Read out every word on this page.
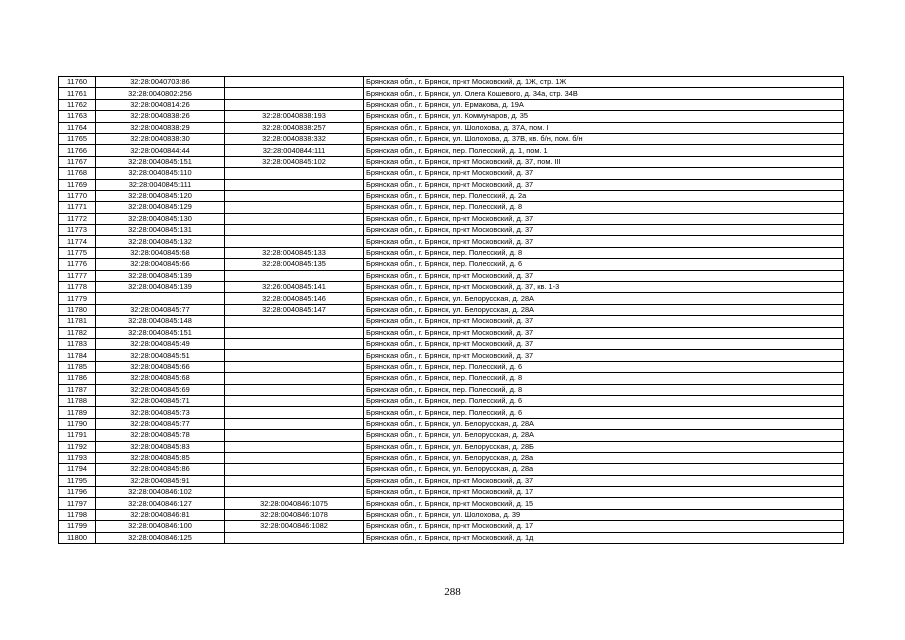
11760	32:28:0040703:86		Брянская обл., г. Брянск, пр-кт Московский, д. 1Ж, стр. 1Ж
11761	32:28:0040802:256		Брянская обл., г. Брянск, ул. Олега Кошевого, д. 34а, стр. 34В
11762	32:28:0040814:26		Брянская обл., г. Брянск, ул. Ермакова, д. 19А
11763	32:28:0040838:26	32:28:0040838:193	Брянская обл., г. Брянск, ул. Коммунаров, д. 35
11764	32:28:0040838:29	32:28:0040838:257	Брянская обл., г. Брянск, ул. Шолохова, д. 37А, пом. I
11765	32:28:0040838:30	32:28:0040838:332	Брянская обл., г. Брянск, ул. Шолохова, д. 37В, кв. б/н, пом. б/н
11766	32:28:0040844:44	32:28:0040844:111	Брянская обл., г. Брянск, пер. Полесский, д. 1, пом. 1
11767	32:28:0040845:151	32:28:0040845:102	Брянская обл., г. Брянск, пр-кт Московский, д. 37, пом. III
11768	32:28:0040845:110		Брянская обл., г. Брянск, пр-кт Московский, д. 37
11769	32:28:0040845:111		Брянская обл., г. Брянск, пр-кт Московский, д. 37
11770	32:28:0040845:120		Брянская обл., г. Брянск, пер. Полесский, д. 2а
11771	32:28:0040845:129		Брянская обл., г. Брянск, пер. Полесский, д. 8
11772	32:28:0040845:130		Брянская обл., г. Брянск, пр-кт Московский, д. 37
11773	32:28:0040845:131		Брянская обл., г. Брянск, пр-кт Московский, д. 37
11774	32:28:0040845:132		Брянская обл., г. Брянск, пр-кт Московский, д. 37
11775	32:28:0040845:68	32:28:0040845:133	Брянская обл., г. Брянск, пер. Полесский, д. 8
11776	32:28:0040845:66	32:28:0040845:135	Брянская обл., г. Брянск, пер. Полесский, д. 6
11777	32:28:0040845:139		Брянская обл., г. Брянск, пр-кт Московский, д. 37
11778	32:28:0040845:139	32:26:0040845:141	Брянская обл., г. Брянск, пр-кт Московский, д. 37, кв. 1-3
11779		32:28:0040845:146	Брянская обл., г. Брянск, ул. Белорусская, д. 28А
11780	32:28:0040845:77	32:28:0040845:147	Брянская обл., г. Брянск, ул. Белорусская, д. 28А
11781	32:28:0040845:148		Брянская обл., г. Брянск, пр-кт Московский, д. 37
11782	32:28:0040845:151		Брянская обл., г. Брянск, пр-кт Московский, д. 37
11783	32:28:0040845:49		Брянская обл., г. Брянск, пр-кт Московский, д. 37
11784	32:28:0040845:51		Брянская обл., г. Брянск, пр-кт Московский, д. 37
11785	32:28:0040845:66		Брянская обл., г. Брянск, пер. Полесский, д. 6
11786	32:28:0040845:68		Брянская обл., г. Брянск, пер. Полесский, д. 8
11787	32:28:0040845:69		Брянская обл., г. Брянск, пер. Полесский, д. 8
11788	32:28:0040845:71		Брянская обл., г. Брянск, пер. Полесский, д. 6
11789	32:28:0040845:73		Брянская обл., г. Брянск, пер. Полесский, д. 6
11790	32:28:0040845:77		Брянская обл., г. Брянск, ул. Белорусская, д. 28А
11791	32:28:0040845:78		Брянская обл., г. Брянск, ул. Белорусская, д. 28А
11792	32:28:0040845:83		Брянская обл., г. Брянск, ул. Белорусская, д. 28Б
11793	32:28:0040845:85		Брянская обл., г. Брянск, ул. Белорусская, д. 28а
11794	32:28:0040845:86		Брянская обл., г. Брянск, ул. Белорусская, д. 28а
11795	32:28:0040845:91		Брянская обл., г. Брянск, пр-кт Московский, д. 37
11796	32:28:0040846:102		Брянская обл., г. Брянск, пр-кт Московский, д. 17
11797	32:28:0040846:127	32:28:0040846:1075	Брянская обл., г. Брянск, пр-кт Московский, д. 15
11798	32:28:0040846:81	32:28:0040846:1078	Брянская обл., г. Брянск, ул. Шолохова, д. 39
11799	32:28:0040846:100	32:28:0040846:1082	Брянская обл., г. Брянск, пр-кт Московский, д. 17
11800	32:28:0040846:125		Брянская обл., г. Брянск, пр-кт Московский, д. 1д
288
